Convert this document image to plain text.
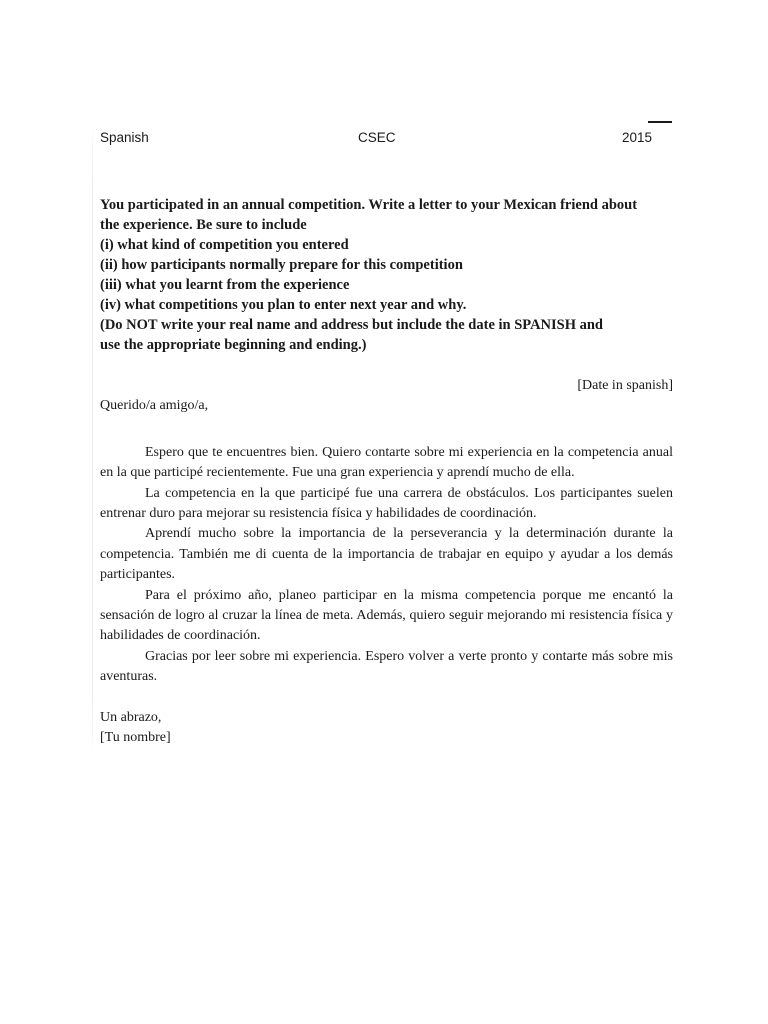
Spanish	CSEC	2015
You participated in an annual competition. Write a letter to your Mexican friend about
the experience. Be sure to include
(i) what kind of competition you entered
(ii) how participants normally prepare for this competition
(iii) what you learnt from the experience
(iv) what competitions you plan to enter next year and why.
(Do NOT write your real name and address but include the date in SPANISH and
use the appropriate beginning and ending.)

[Date in spanish]

Querido/a amigo/a,

Espero que te encuentres bien. Quiero contarte sobre mi experiencia en la competencia anual en la que participé recientemente. Fue una gran experiencia y aprendí mucho de ella.

La competencia en la que participé fue una carrera de obstáculos. Los participantes suelen entrenar duro para mejorar su resistencia física y habilidades de coordinación.

Aprendí mucho sobre la importancia de la perseverancia y la determinación durante la competencia. También me di cuenta de la importancia de trabajar en equipo y ayudar a los demás participantes.

Para el próximo año, planeo participar en la misma competencia porque me encantó la sensación de logro al cruzar la línea de meta. Además, quiero seguir mejorando mi resistencia física y habilidades de coordinación.

Gracias por leer sobre mi experiencia. Espero volver a verte pronto y contarte más sobre mis aventuras.

Un abrazo,

[Tu nombre]
